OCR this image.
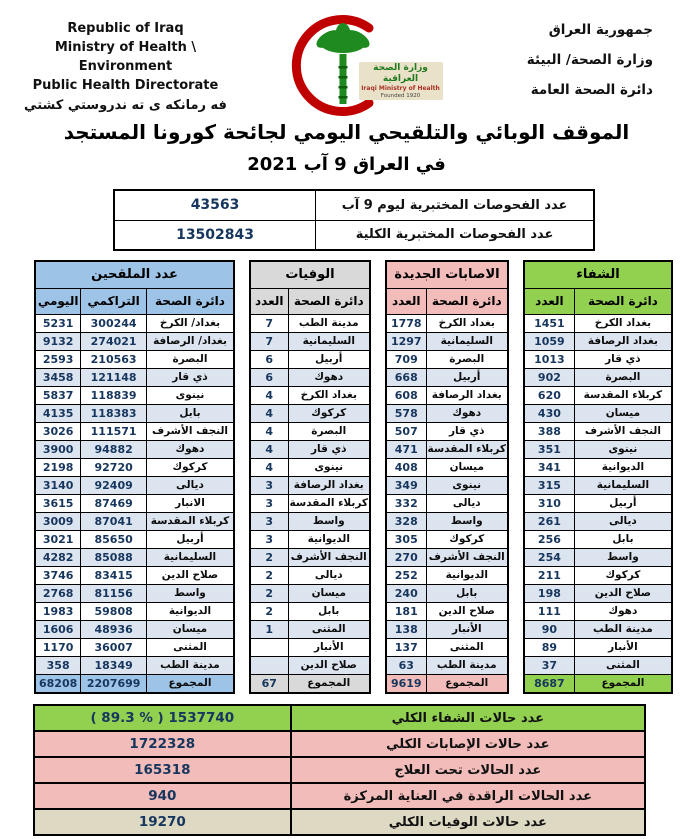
Republic of Iraq
Ministry of Health \ Environment
Public Health Directorate
فه رمانكه ى ته ندروستي كشتي
وزارة الصحة العراقية
Iraqi Ministry of Health
Founded 1920
جمهورية العراق
وزارة الصحة/ البيئة
دائرة الصحة العامة
الموقف الوبائي والتلقيحي اليومي لجائحة كورونا المستجد
في العراق 9 آب 2021
عدد الفحوصات المختبرية ليوم 9 آب	43563
عدد الفحوصات المختبرية الكلية	13502843
الشفاء	
دائرة الصحة	العدد
بغداد الكرخ	1451
بغداد الرصافة	1059
ذي قار	1013
البصرة	902
كربلاء المقدسة	620
ميسان	430
النجف الأشرف	388
نينوى	351
الديوانية	341
السليمانية	315
أربيل	310
ديالى	261
بابل	256
واسط	254
كركوك	211
صلاح الدين	198
دهوك	111
مدينة الطب	90
الأنبار	89
المثنى	37
المجموع	8687
الاصابات الجديدة	
دائرة الصحة	العدد
بغداد الكرخ	1778
السليمانية	1297
البصرة	709
أربيل	668
بغداد الرصافة	608
دهوك	578
ذي قار	507
كربلاء المقدسة	471
ميسان	408
نينوى	349
ديالى	332
واسط	328
كركوك	305
النجف الأشرف	270
الديوانية	252
بابل	240
صلاح الدين	181
الأنبار	138
المثنى	137
مدينة الطب	63
المجموع	9619
الوفيات	
دائرة الصحة	العدد
مدينة الطب	7
السليمانية	7
أربيل	6
دهوك	6
بغداد الكرخ	4
كركوك	4
البصرة	4
ذي قار	4
نينوى	4
بغداد الرصافة	3
كربلاء المقدسة	3
واسط	3
الديوانية	3
النجف الأشرف	2
ديالى	2
ميسان	2
بابل	2
المثنى	1
الأنبار	
صلاح الدين	
المجموع	67
عدد الملقحين		
دائرة الصحة	التراكمي	اليومي
بغداد/ الكرخ	300244	5231
بغداد/ الرصافة	274021	9132
البصرة	210563	2593
ذي قار	121148	3458
نينوى	118839	5837
بابل	118383	4135
النجف الأشرف	111571	3026
دهوك	94882	3900
كركوك	92720	2198
ديالى	92409	3140
الانبار	87469	3615
كربلاء المقدسة	87041	3009
أربيل	85650	3021
السليمانية	85088	4282
صلاح الدين	83415	3746
واسط	81156	2768
الديوانية	59808	1983
ميسان	48936	1606
المثنى	36007	1170
مدينة الطب	18349	358
المجموع	2207699	68208
عدد حالات الشفاء الكلي	( 89.3 % ) 1537740
عدد حالات الإصابات الكلي	1722328
عدد الحالات تحت العلاج	165318
عدد الحالات الراقدة في العناية المركزة	940
عدد حالات الوفيات الكلي	19270
